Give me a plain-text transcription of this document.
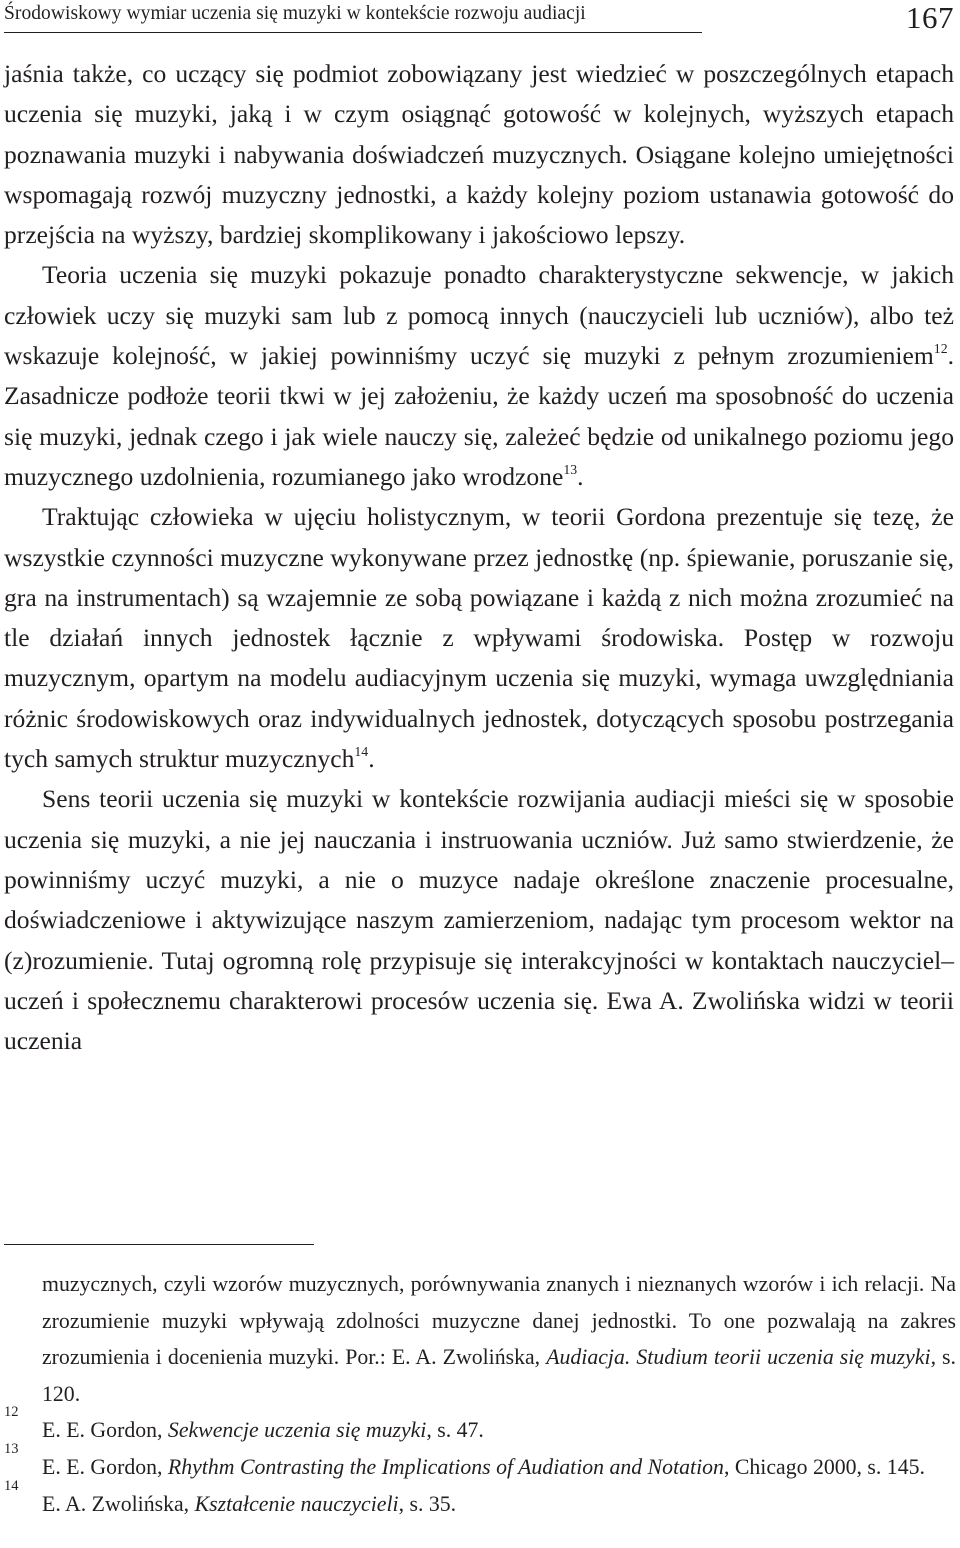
Środowiskowy wymiar uczenia się muzyki w kontekście rozwoju audiacji	167

jaśnia także, co uczący się podmiot zobowiązany jest wiedzieć w poszczególnych etapach uczenia się muzyki, jaką i w czym osiągnąć gotowość w kolejnych, wyższych etapach poznawania muzyki i nabywania doświadczeń muzycznych. Osiągane kolejno umiejętności wspomagają rozwój muzyczny jednostki, a każdy kolejny poziom ustanawia gotowość do przejścia na wyższy, bardziej skomplikowany i jakościowo lepszy.

Teoria uczenia się muzyki pokazuje ponadto charakterystyczne sekwencje, w jakich człowiek uczy się muzyki sam lub z pomocą innych (nauczycieli lub uczniów), albo też wskazuje kolejność, w jakiej powinniśmy uczyć się muzyki z pełnym zrozumieniem$^{12}$. Zasadnicze podłoże teorii tkwi w jej założeniu, że każdy uczeń ma sposobność do uczenia się muzyki, jednak czego i jak wiele nauczy się, zależeć będzie od unikalnego poziomu jego muzycznego uzdolnienia, rozumianego jako wrodzone$^{13}$.

Traktując człowieka w ujęciu holistycznym, w teorii Gordona prezentuje się tezę, że wszystkie czynności muzyczne wykonywane przez jednostkę (np. śpiewanie, poruszanie się, gra na instrumentach) są wzajemnie ze sobą powiązane i każdą z nich można zrozumieć na tle działań innych jednostek łącznie z wpływami środowiska. Postęp w rozwoju muzycznym, opartym na modelu audiacyjnym uczenia się muzyki, wymaga uwzględniania różnic środowiskowych oraz indywidualnych jednostek, dotyczących sposobu postrzegania tych samych struktur muzycznych$^{14}$.

Sens teorii uczenia się muzyki w kontekście rozwijania audiacji mieści się w sposobie uczenia się muzyki, a nie jej nauczania i instruowania uczniów. Już samo stwierdzenie, że powinniśmy uczyć muzyki, a nie o muzyce nadaje określone znaczenie procesualne, doświadczeniowe i aktywizujące naszym zamierzeniom, nadając tym procesom wektor na (z)rozumienie. Tutaj ogromną rolę przypisuje się interakcyjności w kontaktach nauczyciel–uczeń i społecznemu charakterowi procesów uczenia się. Ewa A. Zwolińska widzi w teorii uczenia

muzycznych, czyli wzorów muzycznych, porównywania znanych i nieznanych wzorów i ich relacji. Na zrozumienie muzyki wpływają zdolności muzyczne danej jednostki. To one pozwalają na zakres zrozumienia i docenienia muzyki. Por.: E. A. Zwolińska, Audiacja. Studium teorii uczenia się muzyki, s. 120.
12
E. E. Gordon, Sekwencje uczenia się muzyki, s. 47.
13
E. E. Gordon, Rhythm Contrasting the Implications of Audiation and Notation, Chicago 2000, s. 145.
14
E. A. Zwolińska, Kształcenie nauczycieli, s. 35.
